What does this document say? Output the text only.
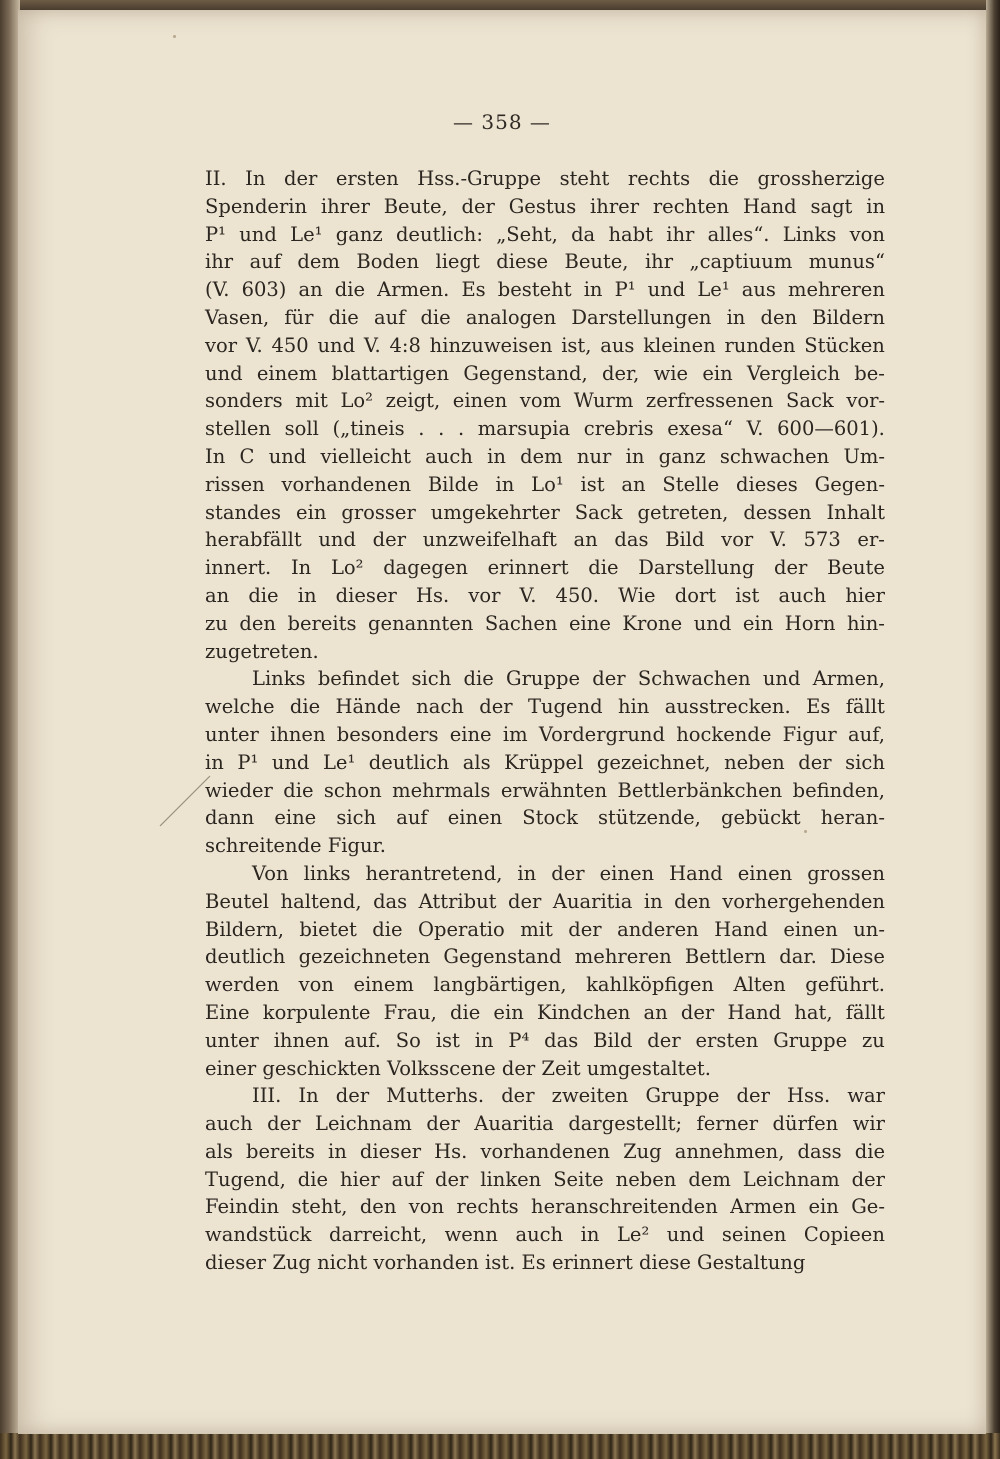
— 358 —
II. In der ersten Hss.-Gruppe steht rechts die grossherzige
Spenderin ihrer Beute, der Gestus ihrer rechten Hand sagt in
P¹ und Le¹ ganz deutlich: „Seht, da habt ihr alles“. Links von
ihr auf dem Boden liegt diese Beute, ihr „captiuum munus“
(V. 603) an die Armen. Es besteht in P¹ und Le¹ aus mehreren
Vasen, für die auf die analogen Darstellungen in den Bildern
vor V. 450 und V. 4:8 hinzuweisen ist, aus kleinen runden Stücken
und einem blattartigen Gegenstand, der, wie ein Vergleich be-
sonders mit Lo² zeigt, einen vom Wurm zerfressenen Sack vor-
stellen soll („tineis . . . marsupia crebris exesa“ V. 600—601).
In C und vielleicht auch in dem nur in ganz schwachen Um-
rissen vorhandenen Bilde in Lo¹ ist an Stelle dieses Gegen-
standes ein grosser umgekehrter Sack getreten, dessen Inhalt
herabfällt und der unzweifelhaft an das Bild vor V. 573 er-
innert. In Lo² dagegen erinnert die Darstellung der Beute
an die in dieser Hs. vor V. 450. Wie dort ist auch hier
zu den bereits genannten Sachen eine Krone und ein Horn hin-
zugetreten.
Links befindet sich die Gruppe der Schwachen und Armen,
welche die Hände nach der Tugend hin ausstrecken. Es fällt
unter ihnen besonders eine im Vordergrund hockende Figur auf,
in P¹ und Le¹ deutlich als Krüppel gezeichnet, neben der sich
wieder die schon mehrmals erwähnten Bettlerbänkchen befinden,
dann eine sich auf einen Stock stützende, gebückt heran-
schreitende Figur.
Von links herantretend, in der einen Hand einen grossen
Beutel haltend, das Attribut der Auaritia in den vorhergehenden
Bildern, bietet die Operatio mit der anderen Hand einen un-
deutlich gezeichneten Gegenstand mehreren Bettlern dar. Diese
werden von einem langbärtigen, kahlköpfigen Alten geführt.
Eine korpulente Frau, die ein Kindchen an der Hand hat, fällt
unter ihnen auf. So ist in P⁴ das Bild der ersten Gruppe zu
einer geschickten Volksscene der Zeit umgestaltet.
III. In der Mutterhs. der zweiten Gruppe der Hss. war
auch der Leichnam der Auaritia dargestellt; ferner dürfen wir
als bereits in dieser Hs. vorhandenen Zug annehmen, dass die
Tugend, die hier auf der linken Seite neben dem Leichnam der
Feindin steht, den von rechts heranschreitenden Armen ein Ge-
wandstück darreicht, wenn auch in Le² und seinen Copieen
dieser Zug nicht vorhanden ist. Es erinnert diese Gestaltung
